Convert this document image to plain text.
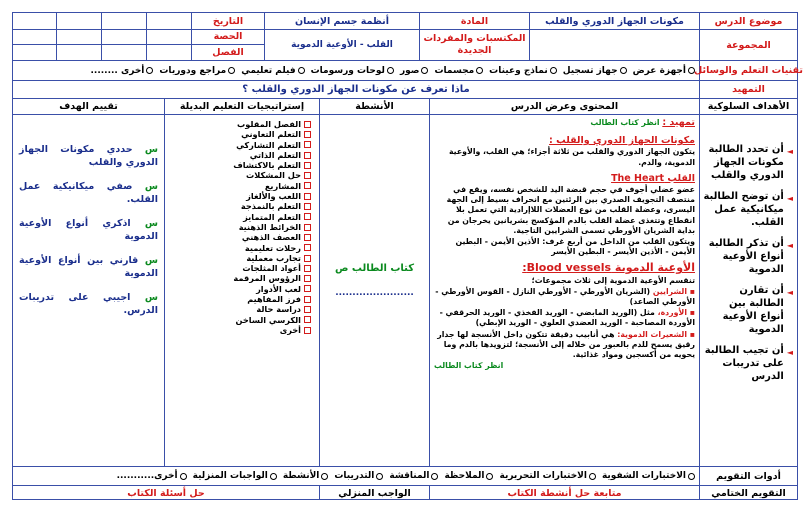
موضوع الدرس
مكونات الجهاز الدوري والقلب
المادة
أنظمة جسم الإنسان
التاريخ
المجموعة
المكتسبات والمفردات الجديدة
القلب - الأوعية الدموية
الحصة
الفصل
تقنيات التعلم والوسائل
أجهزة عرض
جهاز تسجيل
نماذج وعينات
مجسمات
صور
لوحات ورسومات
فيلم تعليمي
مراجع ودوريات
أخرى ........
التمهيد
ماذا تعرف عن مكونات الجهاز الدوري والقلب ؟
الأهداف السلوكية
المحتوى وعرض الدرس
الأنشطة
إستراتيجيات التعليم البديلة
تقييم الهدف
◄
أن تحدد الطالبة مكونات الجهاز الدوري والقلب
◄
أن توضح الطالبة ميكانيكية عمل القلب.
◄
أن تذكر الطالبة أنواع الأوعية الدموية
◄
أن تقارن الطالبة بين أنواع الأوعية الدموية
◄
أن تجيب الطالبة على تدريبات الدرس

تمهيد : انظر كتاب الطالب

مكونات الجهاز الدوري والقلب :

يتكون الجهاز الدوري والقلب من ثلاثة أجزاء؛ هي القلب، والأوعية الدموية، والدم.

القلب The Heart

عضو عضلي أجوف في حجم قبضة اليد للشخص نفسه، ويقع في منتصف التجويف الصدري بين الرئتين مع انحراف بسيط إلى الجهة اليسرى، وعضلة القلب من نوع العضلات اللاإرادية التي تعمل بلا انقطاع وتتغذى عضلة القلب بالدم المؤكسج بشريانين يخرجان من بداية الشريان الأورطي تسمى الشرايين التاجية.

ويتكون القلب من الداخل من أربع غرف: الأذين الأيمن - البطين الأيمن - الأذين الأيسر - البطين الأيسر

الأوعية الدموية Blood vessels:

تنقسم الأوعية الدموية إلى ثلاث مجموعات؛

▪ الشرايين (الشريان الأورطي - الأورطي النازل - القوس الأورطي - الأورطي الصاعد)

▪ الأوردة، مثل (الوريد المابضي - الوريد الفخذي - الوريد الحرقفي - الأوردة المصاحبة - الوريد العضدي العلوي - الوريد الإبطي)

▪ الشعيرات الدموية: هي أنابيب دقيقة تتكون داخل الأنسجة لها جدار رقيق يسمح للدم بالعبور من خلاله إلى الأنسجة؛ لتزويدها بالدم وما يحويه من أكسجين ومواد غذائية.

انظر كتاب الطالب

كتاب الطالب ص
.......................
الفصل المقلوب
التعلم التعاوني
التعلم التشاركي
التعلم الذاتي
التعلم بالاكتشاف
حل المشكلات
المشاريع
اللعب والألغاز
التعلم بالنمذجة
التعلم المتمايز
الخرائط الذهنية
العصف الذهني
رحلات تعليمية
تجارب معملية
أعواد المثلجات
الرؤوس المرقمة
لعب الأدوار
فرز المفاهيم
دراسة حالة
الكرسي الساخن
أخرى
س حددي مكونات الجهاز الدوري والقلب
س صفي ميكانيكية عمل القلب.
س اذكري أنواع الأوعية الدموية
س قارني بين أنواع الأوعية الدموية
س اجيبي على تدريبات الدرس.
أدوات التقويم
الاختبارات الشفوية
الاختبارات التحريرية
الملاحظة
المناقشة
التدريبات
الأنشطة
الواجبات المنزلية
أخرى...........
التقويم الختامي
متابعة حل أنشطة الكتاب
الواجب المنزلي
حل أسئلة الكتاب
